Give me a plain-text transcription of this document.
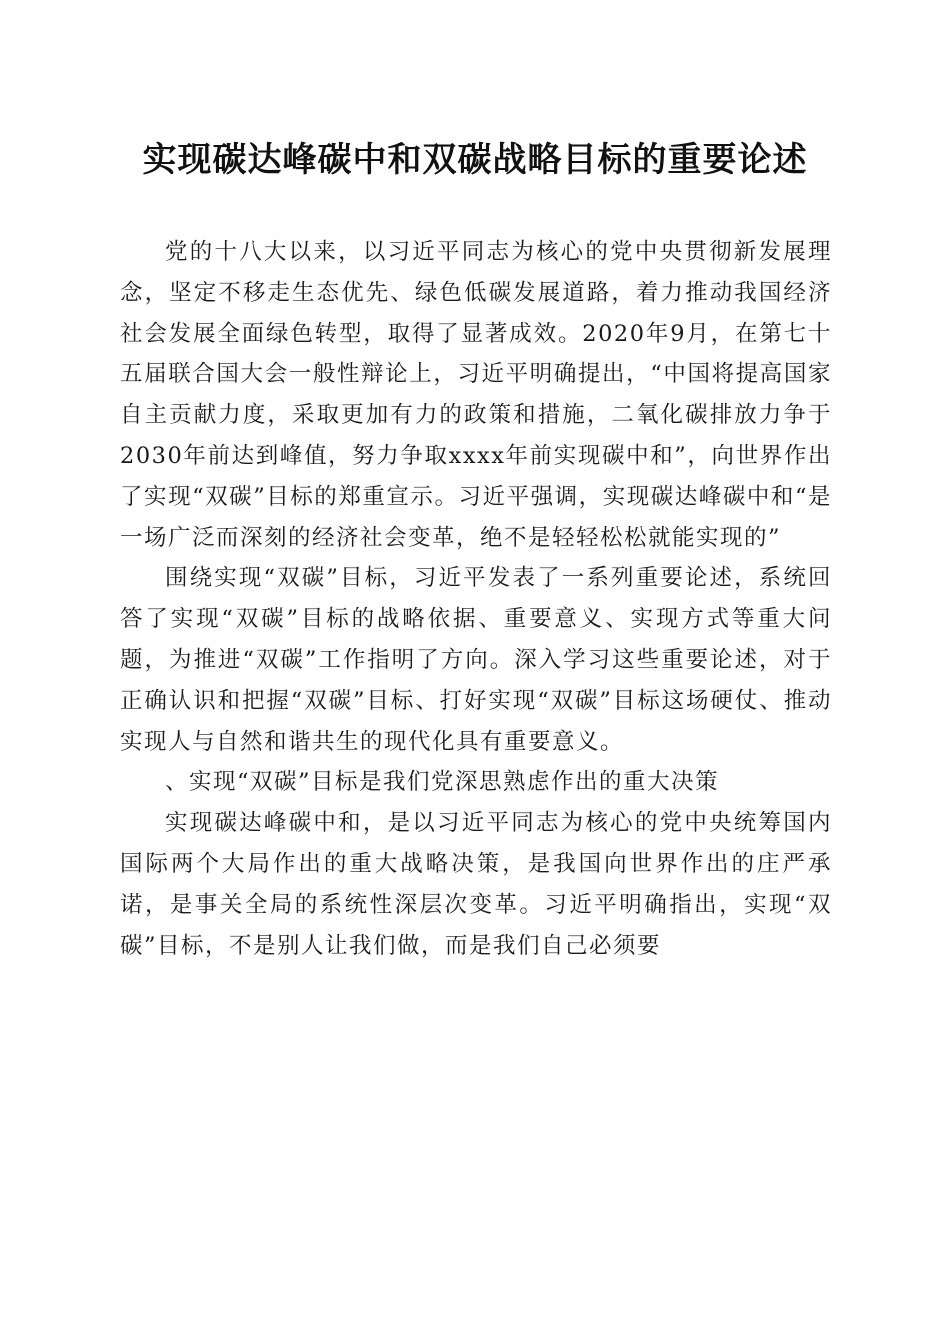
实现碳达峰碳中和双碳战略目标的重要论述

党的十八大以来，以习近平同志为核心的党中央贯彻新发展理念，坚定不移走生态优先、绿色低碳发展道路，着力推动我国经济社会发展全面绿色转型，取得了显著成效。2020年9月，在第七十五届联合国大会一般性辩论上，习近平明确提出，“中国将提高国家自主贡献力度，采取更加有力的政策和措施，二氧化碳排放力争于2030年前达到峰值，努力争取xxxx年前实现碳中和”，向世界作出了实现“双碳”目标的郑重宣示。习近平强调，实现碳达峰碳中和“是一场广泛而深刻的经济社会变革，绝不是轻轻松松就能实现的”

围绕实现“双碳”目标，习近平发表了一系列重要论述，系统回答了实现“双碳”目标的战略依据、重要意义、实现方式等重大问题，为推进“双碳”工作指明了方向。深入学习这些重要论述，对于正确认识和把握“双碳”目标、打好实现“双碳”目标这场硬仗、推动实现人与自然和谐共生的现代化具有重要意义。

、实现“双碳”目标是我们党深思熟虑作出的重大决策

实现碳达峰碳中和，是以习近平同志为核心的党中央统筹国内国际两个大局作出的重大战略决策，是我国向世界作出的庄严承诺，是事关全局的系统性深层次变革。习近平明确指出，实现“双碳”目标，不是别人让我们做，而是我们自己必须要
